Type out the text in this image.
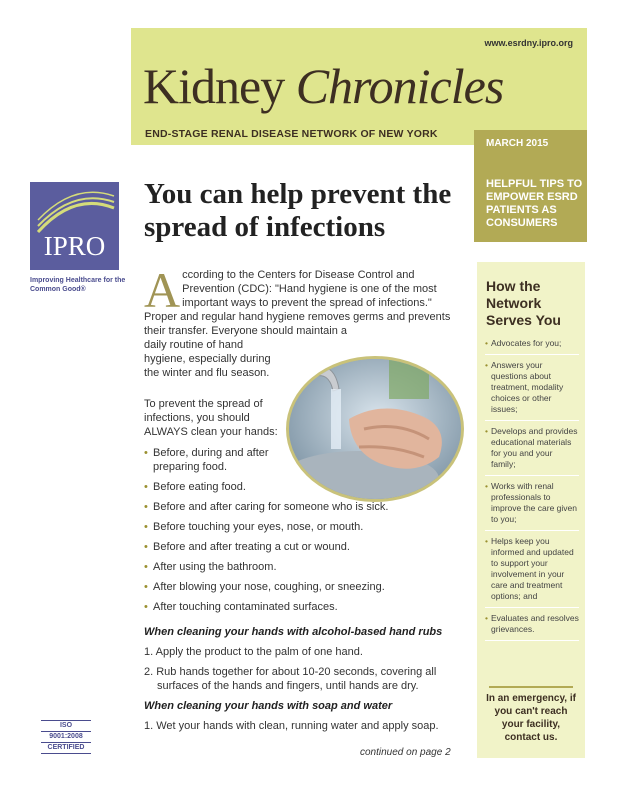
www.esrdny.ipro.org
Kidney Chronicles
END-STAGE RENAL DISEASE NETWORK OF NEW YORK
MARCH 2015
HELPFUL TIPS TO EMPOWER ESRD PATIENTS AS CONSUMERS
IPRO
Improving Healthcare for the Common Good®
ISO
9001:2008
CERTIFIED
You can help prevent the spread of infections
A ccording to the Centers for Disease Control and Prevention (CDC): "Hand hygiene is one of the most important ways to prevent the spread of infections." Proper and regular hand hygiene removes germs and prevents their transfer. Everyone should maintain a

daily routine of hand hygiene, especially during the winter and flu season.

To prevent the spread of infections, you should ALWAYS clean your hands:

• Before, during and after preparing food.
• Before eating food.
• Before and after caring for someone who is sick.
• Before touching your eyes, nose, or mouth.
• Before and after treating a cut or wound.
• After using the bathroom.
• After blowing your nose, coughing, or sneezing.
• After touching contaminated surfaces.
When cleaning your hands with alcohol-based hand rubs
1. Apply the product to the palm of one hand.
2. Rub hands together for about 10-20 seconds, covering all surfaces of the hands and fingers, until hands are dry.
When cleaning your hands with soap and water
1. Wet your hands with clean, running water and apply soap.
continued on page 2
How the Network Serves You
• Advocates for you;
• Answers your questions about treatment, modality choices or other issues;
• Develops and provides educational materials for you and your family;
• Works with renal professionals to improve the care given to you;
• Helps keep you informed and updated to support your involvement in your care and treatment options; and
• Evaluates and resolves grievances.
In an emergency, if you can't reach your facility, contact us.
